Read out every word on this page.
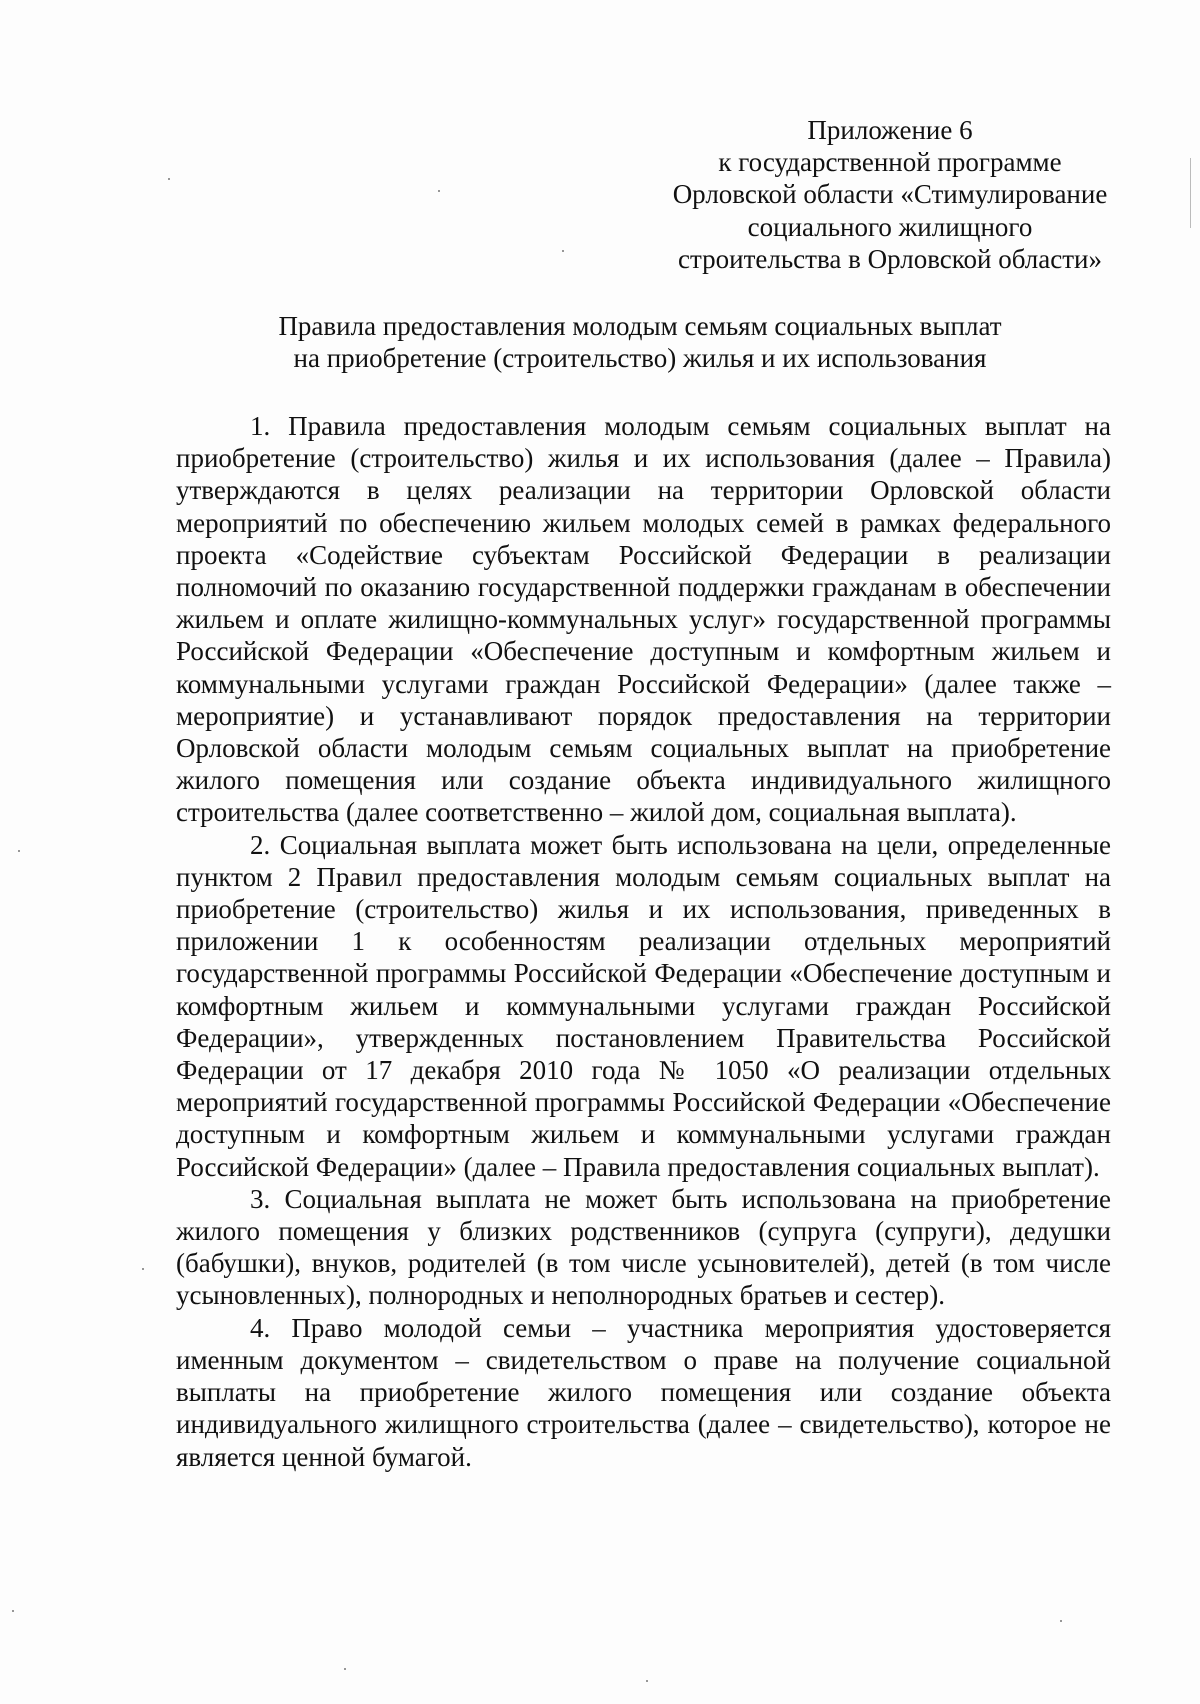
Приложение 6
к государственной программе
Орловской области «Стимулирование
социального жилищного
строительства в Орловской области»
Правила предоставления молодым семьям социальных выплат
на приобретение (строительство) жилья и их использования

1. Правила предоставления молодым семьям социальных выплат на приобретение (строительство) жилья и их использования (далее – Правила) утверждаются в целях реализации на территории Орловской области мероприятий по обеспечению жильем молодых семей в рамках федерального проекта «Содействие субъектам Российской Федерации в реализации полномочий по оказанию государственной поддержки гражданам в обеспечении жильем и оплате жилищно-коммунальных услуг» государственной программы Российской Федерации «Обеспечение доступным и комфортным жильем и коммунальными услугами граждан Российской Федерации» (далее также – мероприятие) и устанавливают порядок предоставления на территории Орловской области молодым семьям социальных выплат на приобретение жилого помещения или создание объекта индивидуального жилищного строительства (далее соответственно – жилой дом, социальная выплата).

2. Социальная выплата может быть использована на цели, определенные пунктом 2 Правил предоставления молодым семьям социальных выплат на приобретение (строительство) жилья и их использования, приведенных в приложении 1 к особенностям реализации отдельных мероприятий государственной программы Российской Федерации «Обеспечение доступным и комфортным жильем и коммунальными услугами граждан Российской Федерации», утвержденных постановлением Правительства Российской Федерации от 17 декабря 2010 года № 1050 «О реализации отдельных мероприятий государственной программы Российской Федерации «Обеспечение доступным и комфортным жильем и коммунальными услугами граждан Российской Федерации» (далее – Правила предоставления социальных выплат).

3. Социальная выплата не может быть использована на приобретение жилого помещения у близких родственников (супруга (супруги), дедушки (бабушки), внуков, родителей (в том числе усыновителей), детей (в том числе усыновленных), полнородных и неполнородных братьев и сестер).

4. Право молодой семьи – участника мероприятия удостоверяется именным документом – свидетельством о праве на получение социальной выплаты на приобретение жилого помещения или создание объекта индивидуального жилищного строительства (далее – свидетельство), которое не является ценной бумагой.
